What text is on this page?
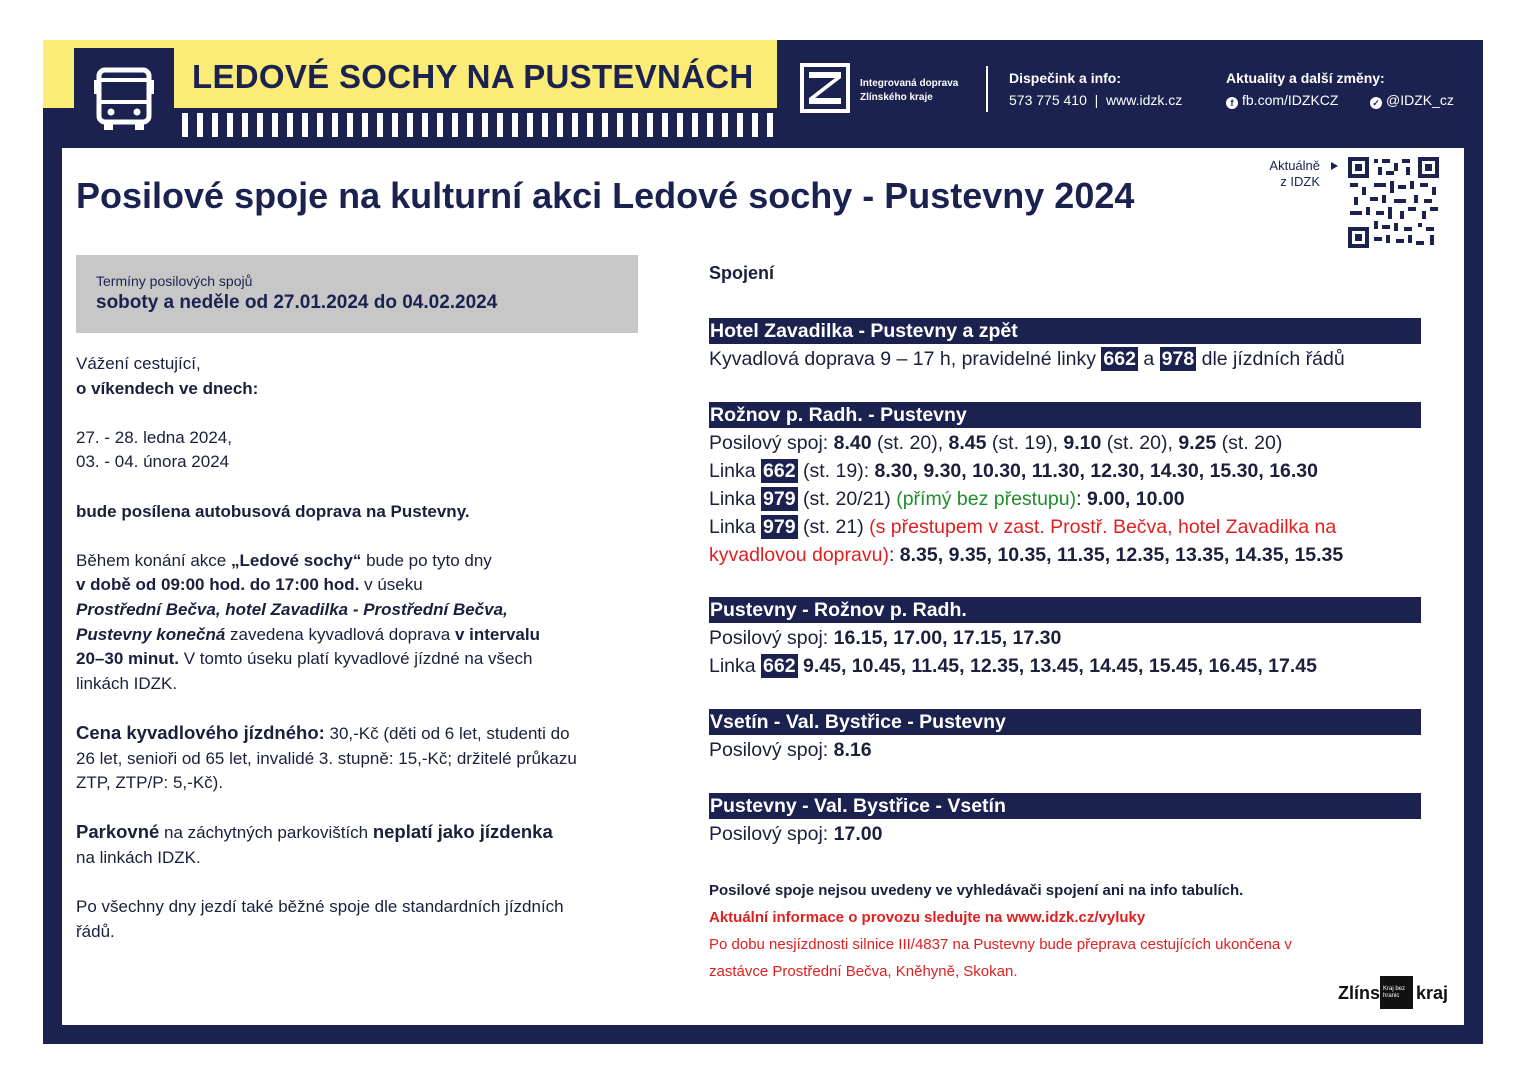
LEDOVÉ SOCHY NA PUSTEVNÁCH	Integrovaná doprava
Zlínského kraje
Dispečink a info:
573 775 410  |  www.idzk.cz
Aktuality a další změny:
f fb.com/IDZKCZ	✓ @IDZK_cz
Posilové spoje na kulturní akci Ledové sochy - Pustevny 2024
Aktuálně
z IDZK
Termíny posilových spojů
soboty a neděle od 27.01.2024 do 04.02.2024

Vážení cestující,
o víkendech ve dnech:

27. - 28. ledna 2024,
03. - 04. února 2024

bude posílena autobusová doprava na Pustevny.

Během konání akce „Ledové sochy“ bude po tyto dny
v době od 09:00 hod. do 17:00 hod. v úseku
Prostřední Bečva, hotel Zavadilka - Prostřední Bečva,
Pustevny konečná zavedena kyvadlová doprava v intervalu
20–30 minut. V tomto úseku platí kyvadlové jízdné na všech
linkách IDZK.

Cena kyvadlového jízdného: 30,-Kč (děti od 6 let, studenti do
26 let, senioři od 65 let, invalidé 3. stupně: 15,-Kč; držitelé průkazu
ZTP, ZTP/P: 5,-Kč).

Parkovné na záchytných parkovištích neplatí jako jízdenka
na linkách IDZK.

Po všechny dny jezdí také běžné spoje dle standardních jízdních
řádů.

Spojení
Hotel Zavadilka - Pustevny a zpět
Kyvadlová doprava 9 – 17 h, pravidelné linky 662 a 978 dle jízdních řádů
Rožnov p. Radh. - Pustevny
Posilový spoj: 8.40 (st. 20), 8.45 (st. 19), 9.10 (st. 20), 9.25 (st. 20)
Linka 662 (st. 19): 8.30, 9.30, 10.30, 11.30, 12.30, 14.30, 15.30, 16.30
Linka 979 (st. 20/21) (přímý bez přestupu): 9.00, 10.00
Linka 979 (st. 21) (s přestupem v zast. Prostř. Bečva, hotel Zavadilka na
kyvadlovou dopravu): 8.35, 9.35, 10.35, 11.35, 12.35, 13.35, 14.35, 15.35
Pustevny - Rožnov p. Radh.
Posilový spoj: 16.15, 17.00, 17.15, 17.30
Linka 662 9.45, 10.45, 11.45, 12.35, 13.45, 14.45, 15.45, 16.45, 17.45
Vsetín - Val. Bystřice - Pustevny
Posilový spoj: 8.16
Pustevny - Val. Bystřice - Vsetín
Posilový spoj: 17.00
Posilové spoje nejsou uvedeny ve vyhledávači spojení ani na info tabulích.
Aktuální informace o provozu sledujte na www.idzk.cz/vyluky
Po dobu nesjízdnosti silnice III/4837 na Pustevny bude přeprava cestujících ukončena v
zastávce Prostřední Bečva, Kněhyně, Skokan.
Zlíns Kraj bez hranic kraj
